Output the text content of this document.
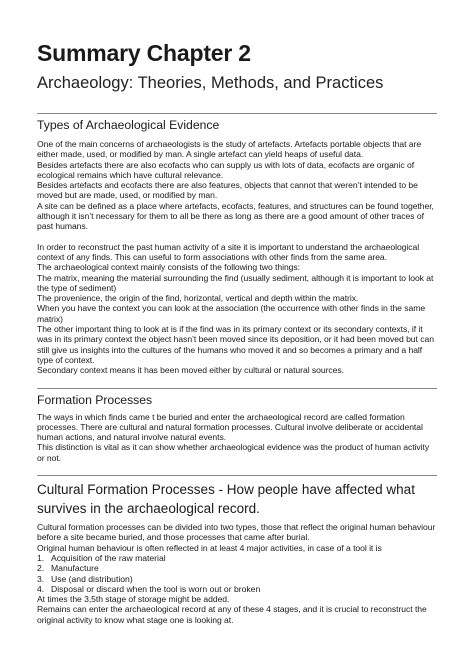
Summary Chapter 2
Archaeology: Theories, Methods, and Practices
Types of Archaeological Evidence

One of the main concerns of archaeologists is the study of artefacts. Artefacts portable objects that are either made, used, or modified by man. A single artefact can yield heaps of useful data.

Besides artefacts there are also ecofacts who can supply us with lots of data, ecofacts are organic of ecological remains which have cultural relevance.

Besides artefacts and ecofacts there are also features, objects that cannot that weren’t intended to be moved but are made, used, or modified by man.

A site can be defined as a place where artefacts, ecofacts, features, and structures can be found together, although it isn’t necessary for them to all be there as long as there are a good amount of other traces of past humans.

In order to reconstruct the past human activity of a site it is important to understand the archaeological context of any finds. This can useful to form associations with other finds from the same area.

The archaeological context mainly consists of the following two things:

The matrix, meaning the material surrounding the find (usually sediment, although it is important to look at the type of sediment)

The provenience, the origin of the find, horizontal, vertical and depth within the matrix.

When you have the context you can look at the association (the occurrence with other finds in the same matrix)

The other important thing to look at is if the find was in its primary context or its secondary contexts, if it was in its primary context the object hasn’t been moved since its deposition, or it had been moved but can still give us insights into the cultures of the humans who moved it and so becomes a primary and a half type of context.

Secondary context means it has been moved either by cultural or natural sources.

Formation Processes

The ways in which finds came t be buried and enter the archaeological record are called formation processes. There are cultural and natural formation processes. Cultural involve deliberate or accidental human actions, and natural involve natural events.

This distinction is vital as it can show whether archaeological evidence was the product of human activity or not.

Cultural Formation Processes - How people have affected what survives in the archaeological record.

Cultural formation processes can be divided into two types, those that reflect the original human behaviour before a site became buried, and those processes that came after burial.

Original human behaviour is often reflected in at least 4 major activities, in case of a tool it is

1. Acquisition of the raw material
2. Manufacture
3. Use (and distribution)
4. Disposal or discard when the tool is worn out or broken

At times the 3,5th stage of storage might be added.

Remains can enter the archaeological record at any of these 4 stages, and it is crucial to reconstruct the original activity to know what stage one is looking at.
